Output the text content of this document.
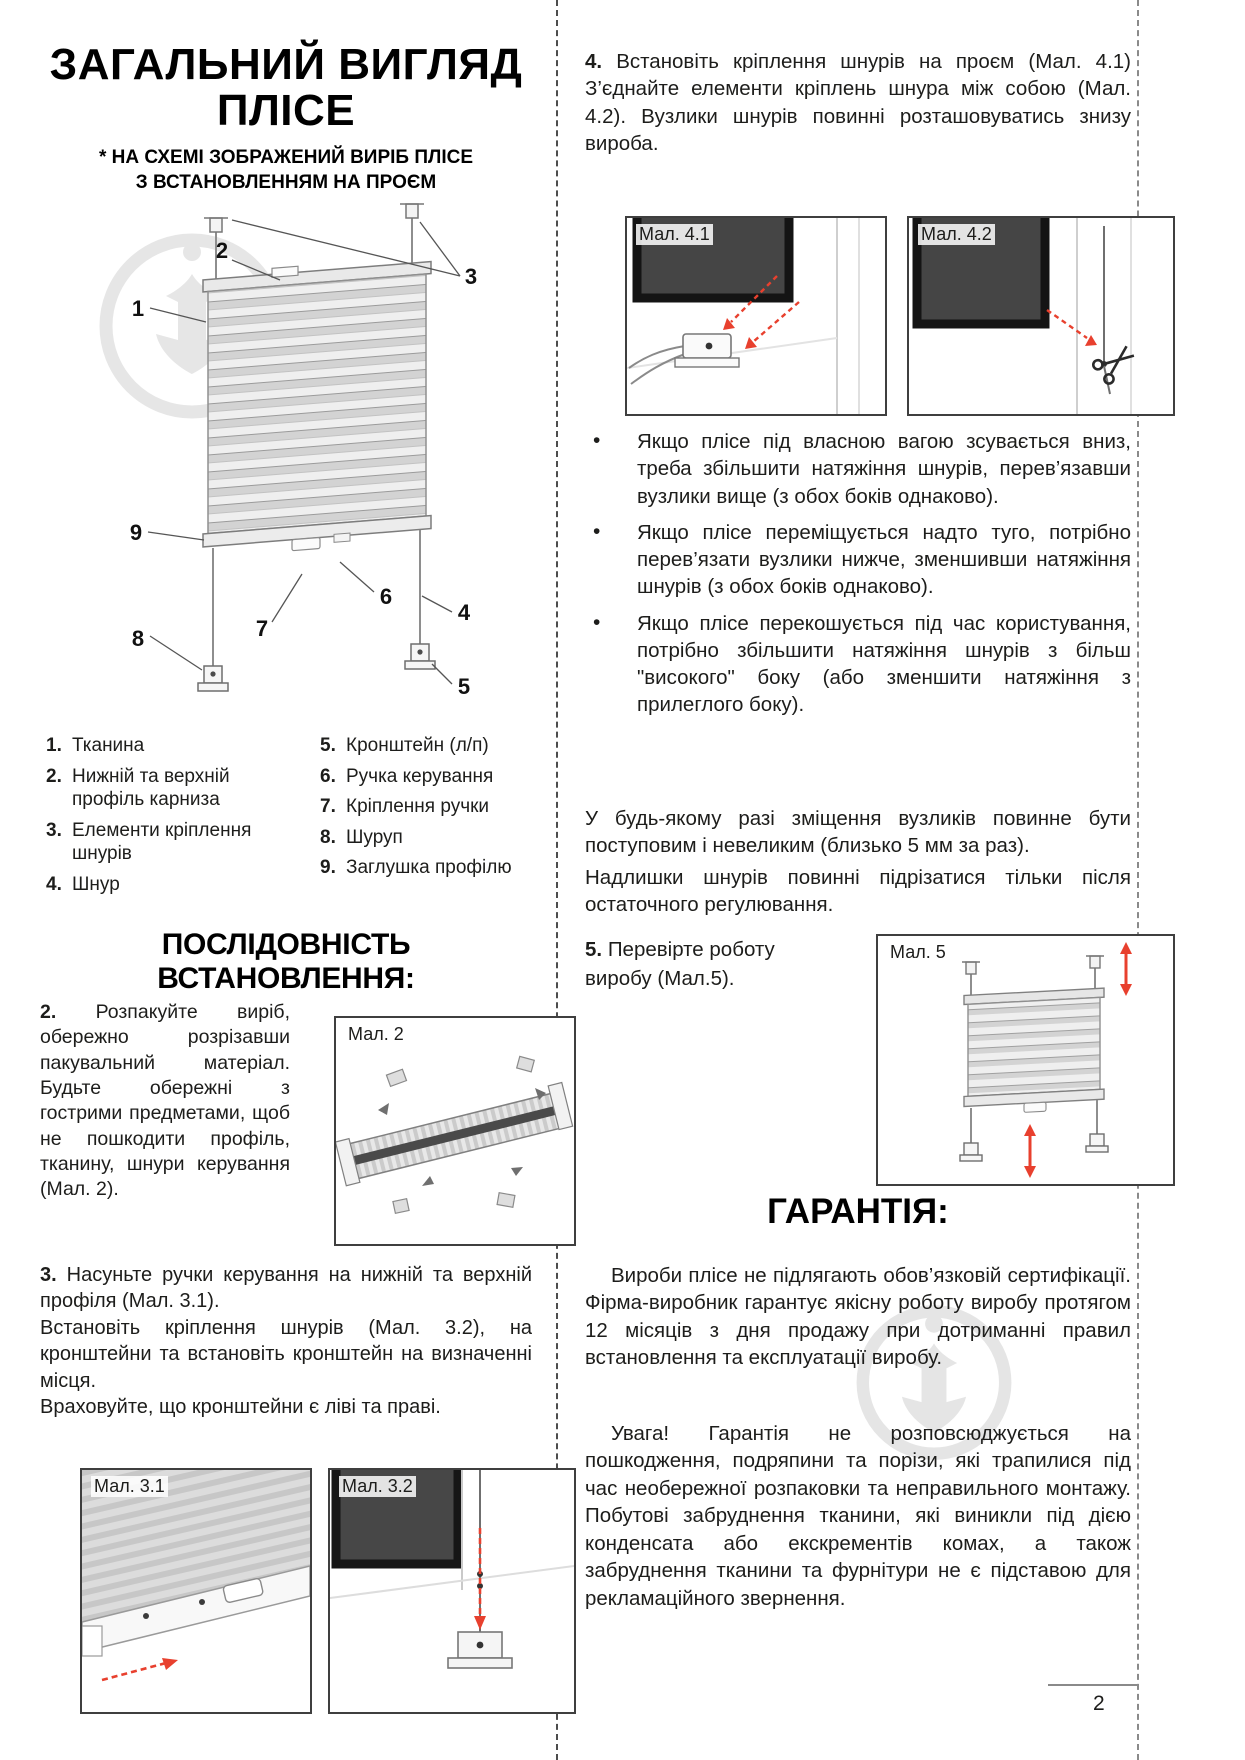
ЗАГАЛЬНИЙ ВИГЛЯД
ПЛІСЕ

* НА СХЕМІ ЗОБРАЖЕНИЙ ВИРІБ ПЛІСЕ
З ВСТАНОВЛЕННЯМ НА ПРОЄМ

1
2
3
4
5
6
7
8
9
1. Тканина
2. Нижній та верхній профіль карниза
3. Елементи кріплення шнурів
4. Шнур
5. Кронштейн (л/п)
6. Ручка керування
7. Кріплення ручки
8. Шуруп
9. Заглушка профілю
ПОСЛІДОВНІСТЬ ВСТАНОВЛЕННЯ:

2. Розпакуйте виріб, обережно розрізавши пакувальний матеріал. Будьте обережні з гострими предметами, щоб не пошкодити профіль, тканину, шнури керування (Мал. 2).

Мал. 2

3. Насуньте ручки керування на нижній та верхній профіля (Мал. 3.1).
Встановіть кріплення шнурів (Мал. 3.2), на кронштейни та встановіть кронштейн на визначенні місця.
Враховуйте, що кронштейни є ліві та праві.

Мал. 3.1	Мал. 3.2

4. Встановіть кріплення шнурів на проєм (Мал. 4.1) З’єднайте елементи кріплень шнура між собою (Мал. 4.2). Вузлики шнурів повинні розташовуватись знизу вироба.

Мал. 4.1	Мал. 4.2
• Якщо плісе під власною вагою зсувається вниз, треба збільшити натяжіння шнурів, перев’язавши вузлики вище (з обох боків однаково).
• Якщо плісе переміщується надто туго, потрібно перев’язати вузлики нижче, зменшивши натяжіння шнурів (з обох боків однаково).
• Якщо плісе перекошується під час користування, потрібно збільшити натяжіння шнурів з більш "високого" боку (або зменшити натяжіння з прилеглого боку).

У будь-якому разі зміщення вузликів повинне бути поступовим і невеликим (близько 5 мм за раз).
Надлишки шнурів повинні підрізатися тільки після остаточного регулювання.

5. Перевірте роботу виробу (Мал.5).

Мал. 5
ГАРАНТІЯ:

Вироби плісе не підлягають обов’язковій сертифікації. Фірма-виробник гарантує якісну роботу виробу протягом 12 місяців з дня продажу при дотриманні правил встановлення та експлуатації виробу.

Увага! Гарантія не розповсюджується на пошкодження, подряпини та порізи, які трапилися під час необережної розпаковки та неправильного монтажу. Побутові забруднення тканини, які виникли під дією конденсата або екскрементів комах, а також забруднення тканини та фурнітури не є підставою для рекламаційного звернення.

2
